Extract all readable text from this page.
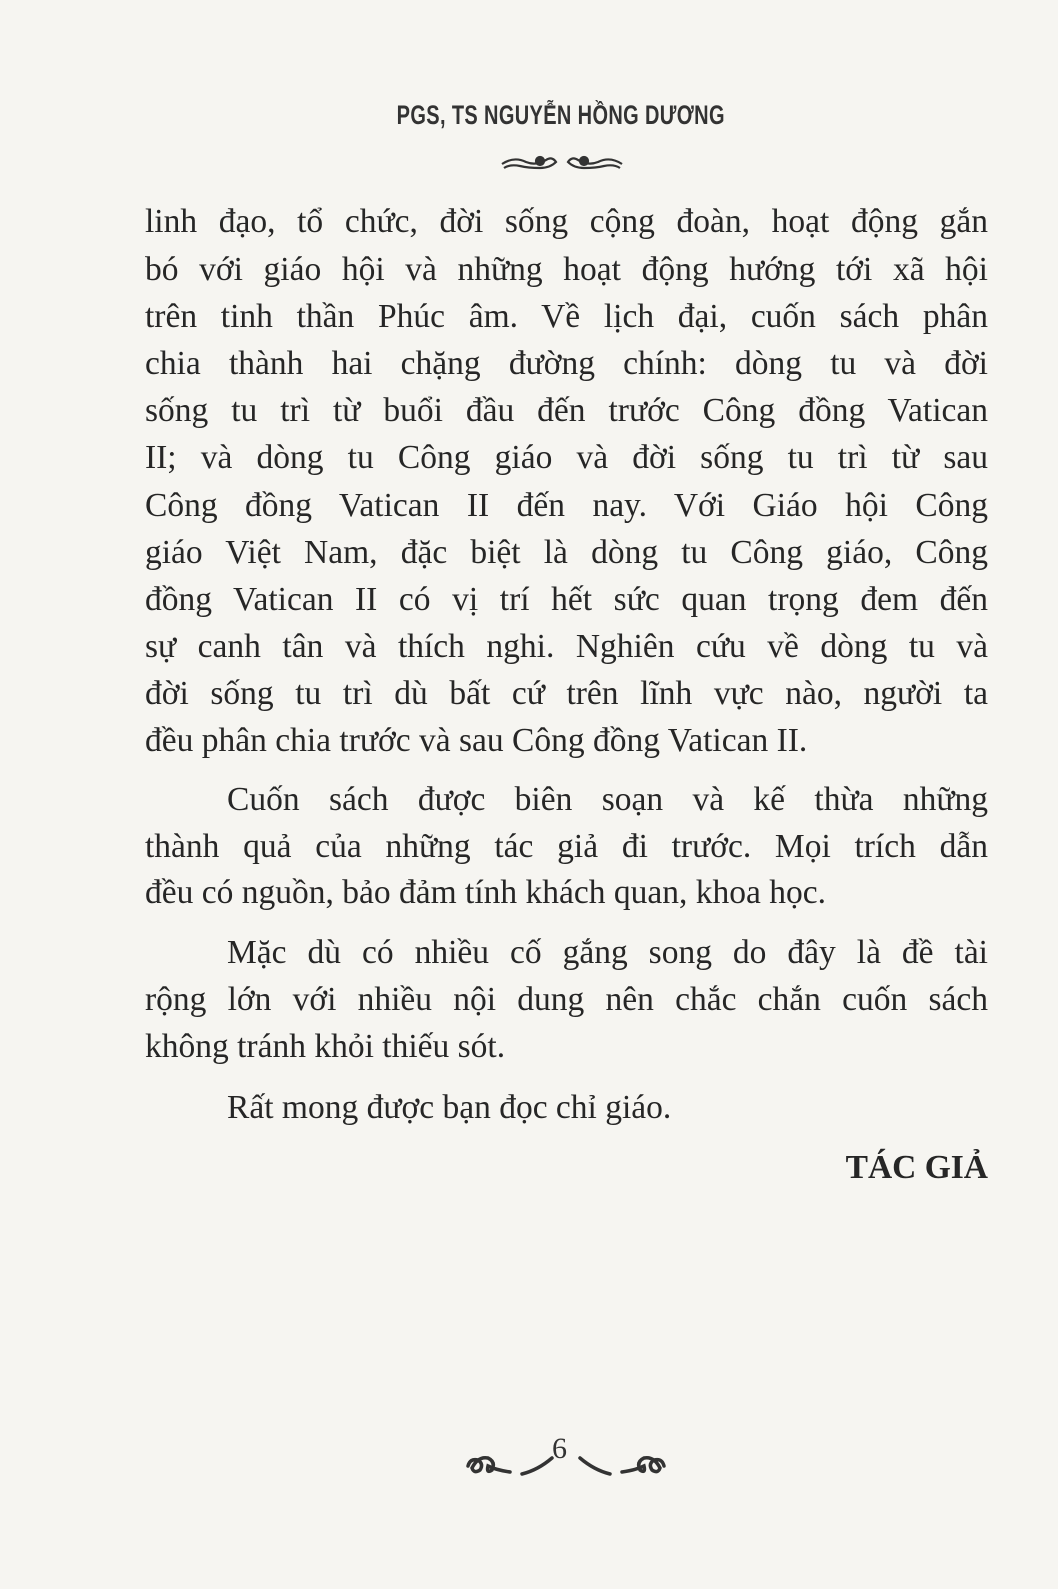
PGS, TS NGUYỄN HỒNG DƯƠNG
linh đạo, tổ chức, đời sống cộng đoàn, hoạt động gắn
bó với giáo hội và những hoạt động hướng tới xã hội
trên tinh thần Phúc âm. Về lịch đại, cuốn sách phân
chia thành hai chặng đường chính: dòng tu và đời
sống tu trì từ buổi đầu đến trước Công đồng Vatican
II; và dòng tu Công giáo và đời sống tu trì từ sau
Công đồng Vatican II đến nay. Với Giáo hội Công
giáo Việt Nam, đặc biệt là dòng tu Công giáo, Công
đồng Vatican II có vị trí hết sức quan trọng đem đến
sự canh tân và thích nghi. Nghiên cứu về dòng tu và
đời sống tu trì dù bất cứ trên lĩnh vực nào, người ta
đều phân chia trước và sau Công đồng Vatican II.
Cuốn sách được biên soạn và kế thừa những
thành quả của những tác giả đi trước. Mọi trích dẫn
đều có nguồn, bảo đảm tính khách quan, khoa học.
Mặc dù có nhiều cố gắng song do đây là đề tài
rộng lớn với nhiều nội dung nên chắc chắn cuốn sách
không tránh khỏi thiếu sót.
Rất mong được bạn đọc chỉ giáo.
TÁC GIẢ
6
